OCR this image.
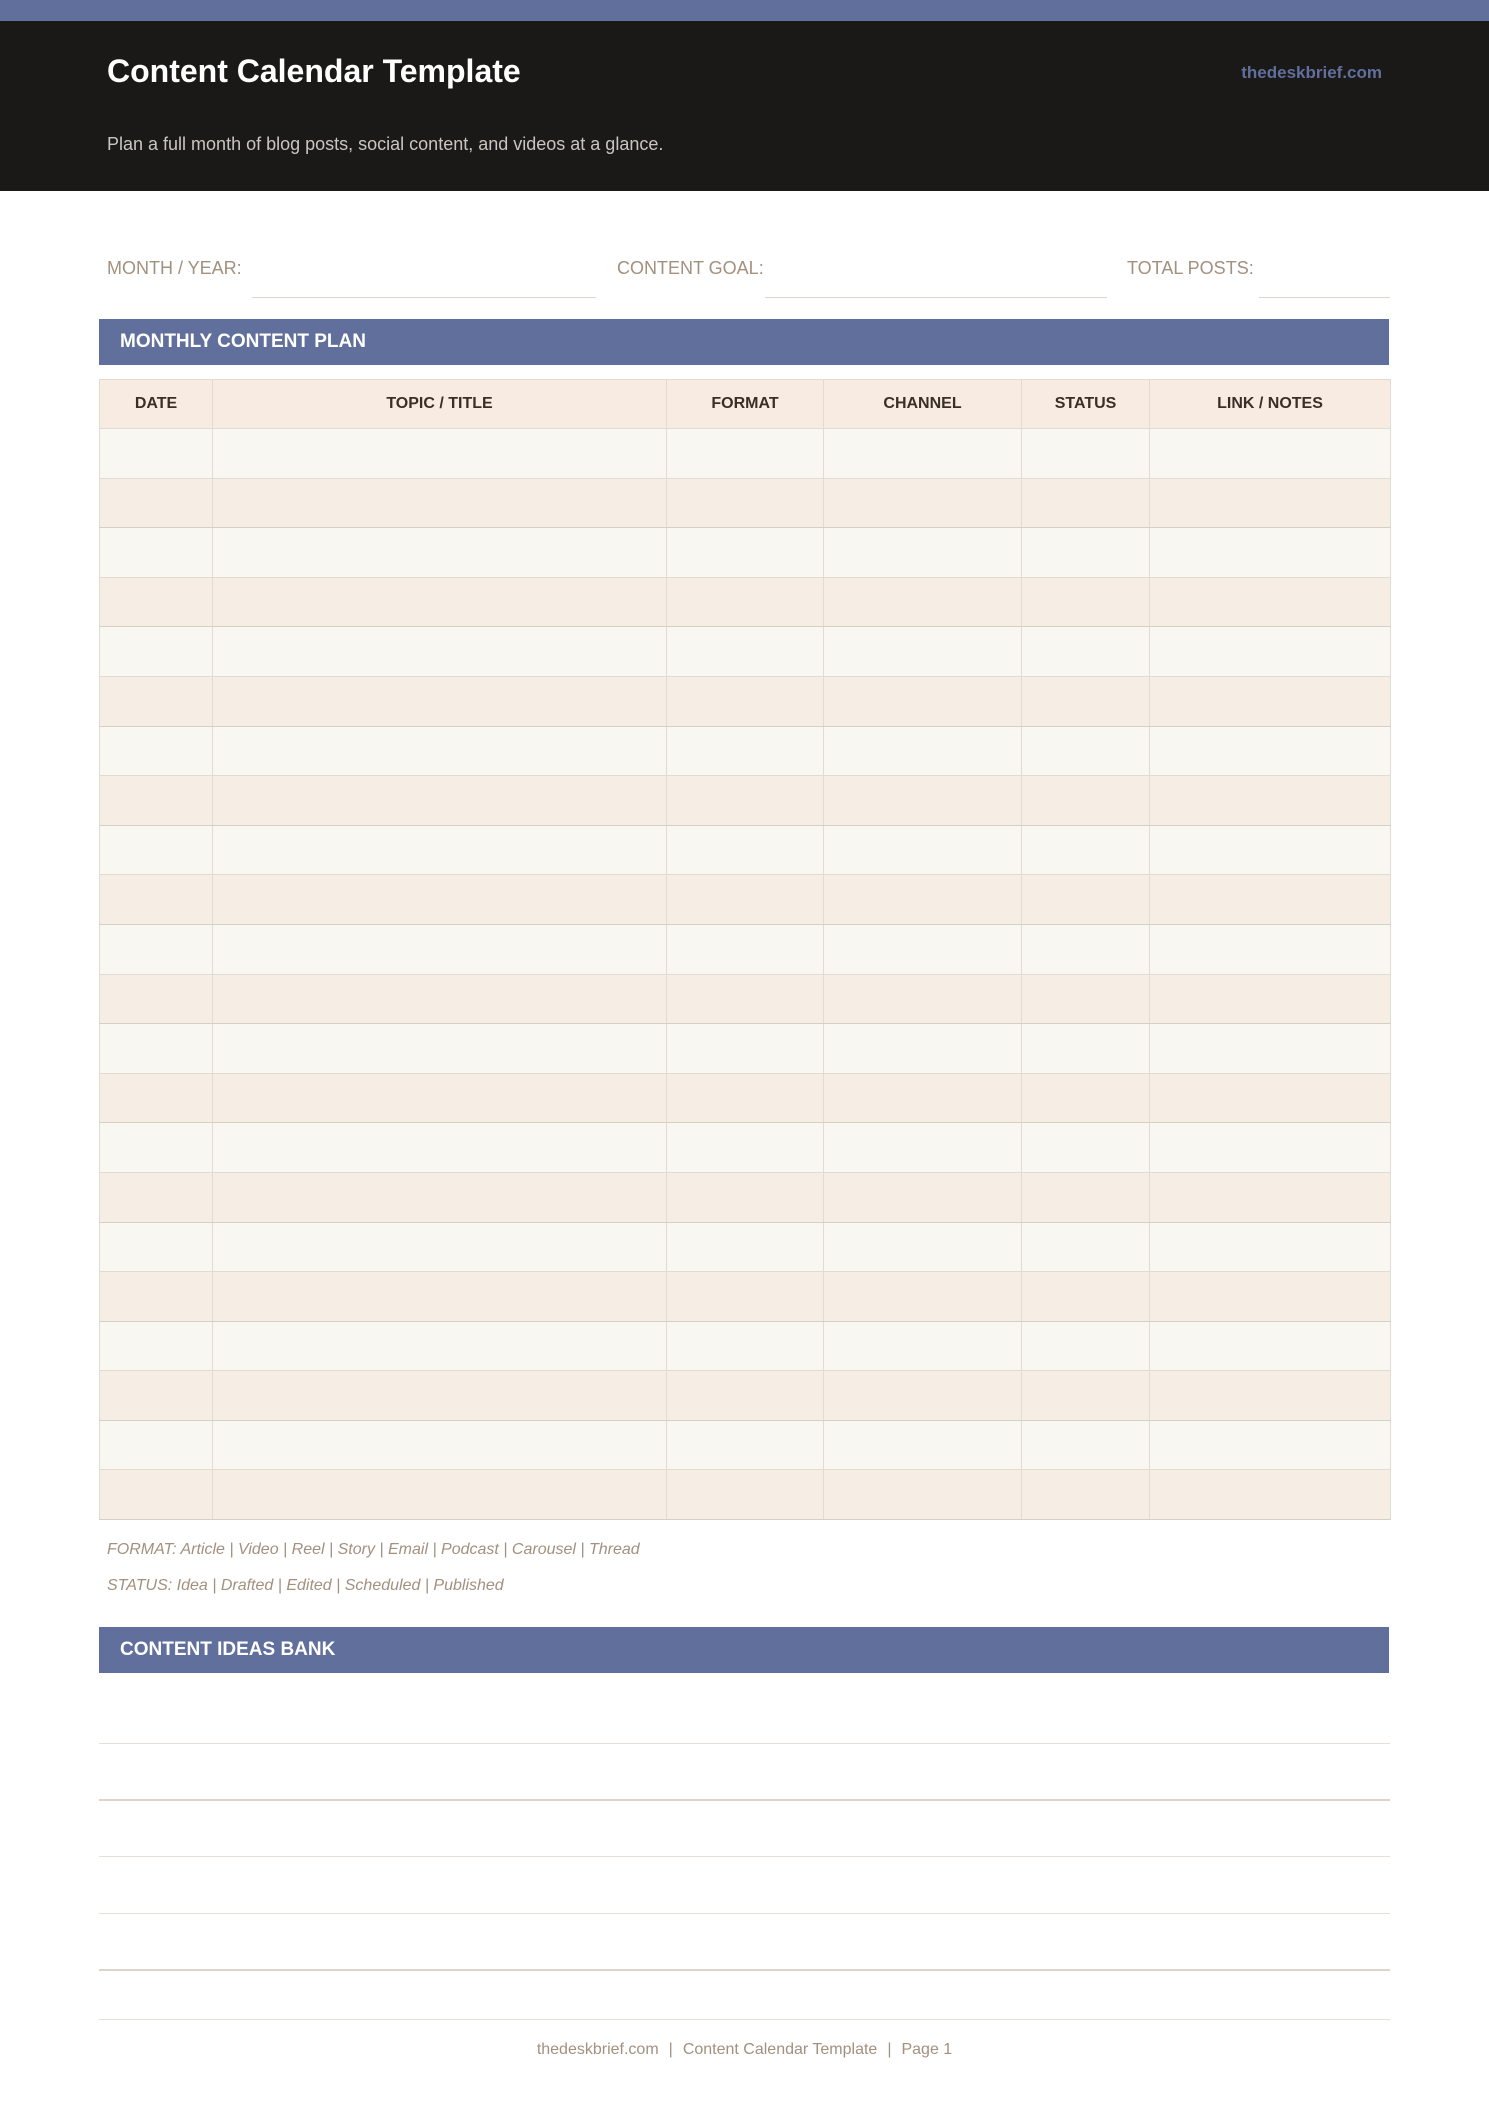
Content Calendar Template	thedeskbrief.com
Plan a full month of blog posts, social content, and videos at a glance.
MONTH / YEAR:	CONTENT GOAL:	TOTAL POSTS:
MONTHLY CONTENT PLAN
DATE	TOPIC / TITLE	FORMAT	CHANNEL	STATUS	LINK / NOTES

FORMAT: Article | Video | Reel | Story | Email | Podcast | Carousel | Thread
STATUS: Idea | Drafted | Edited | Scheduled | Published
CONTENT IDEAS BANK
thedeskbrief.com | Content Calendar Template | Page 1
